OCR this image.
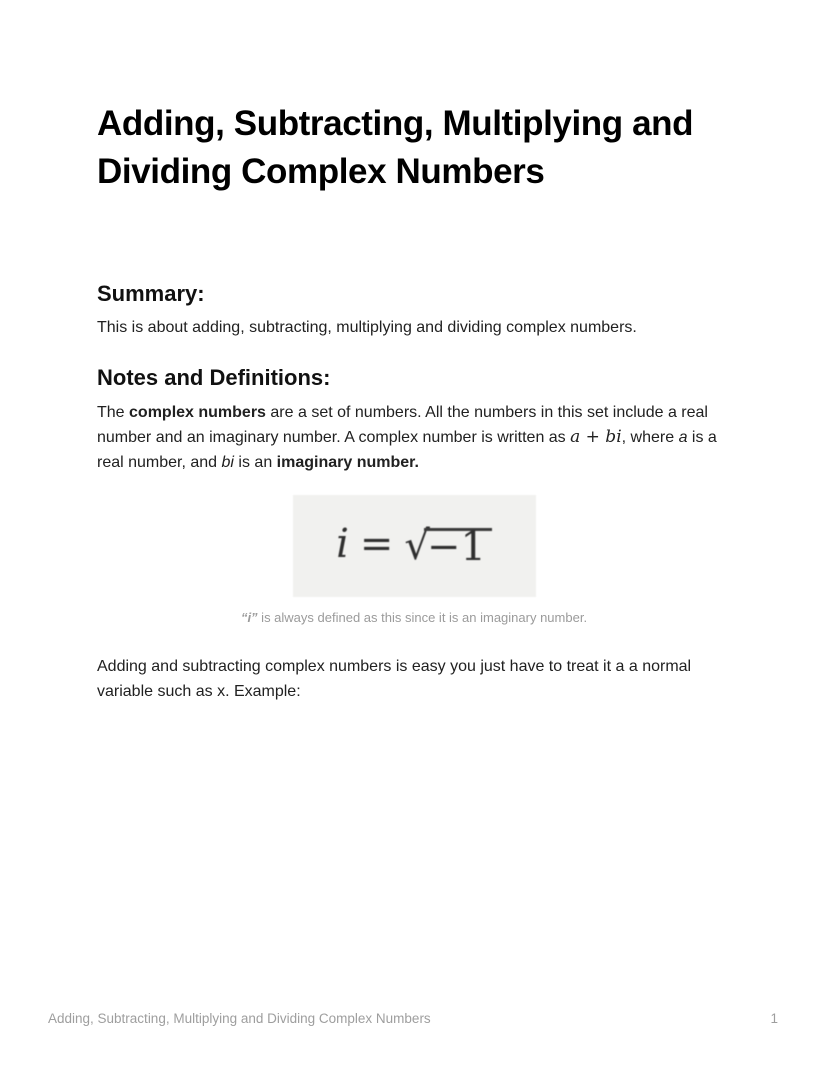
Adding, Subtracting, Multiplying and Dividing Complex Numbers
Summary:

This is about adding, subtracting, multiplying and dividing complex numbers.

Notes and Definitions:

The complex numbers are a set of numbers. All the numbers in this set include a real number and an imaginary number. A complex number is written as a + bi, where a is a real number, and bi is an imaginary number.

i = √ −1
“i” is always defined as this since it is an imaginary number.

Adding and subtracting complex numbers is easy you just have to treat it a a normal variable such as x. Example:

Adding, Subtracting, Multiplying and Dividing Complex Numbers	1
